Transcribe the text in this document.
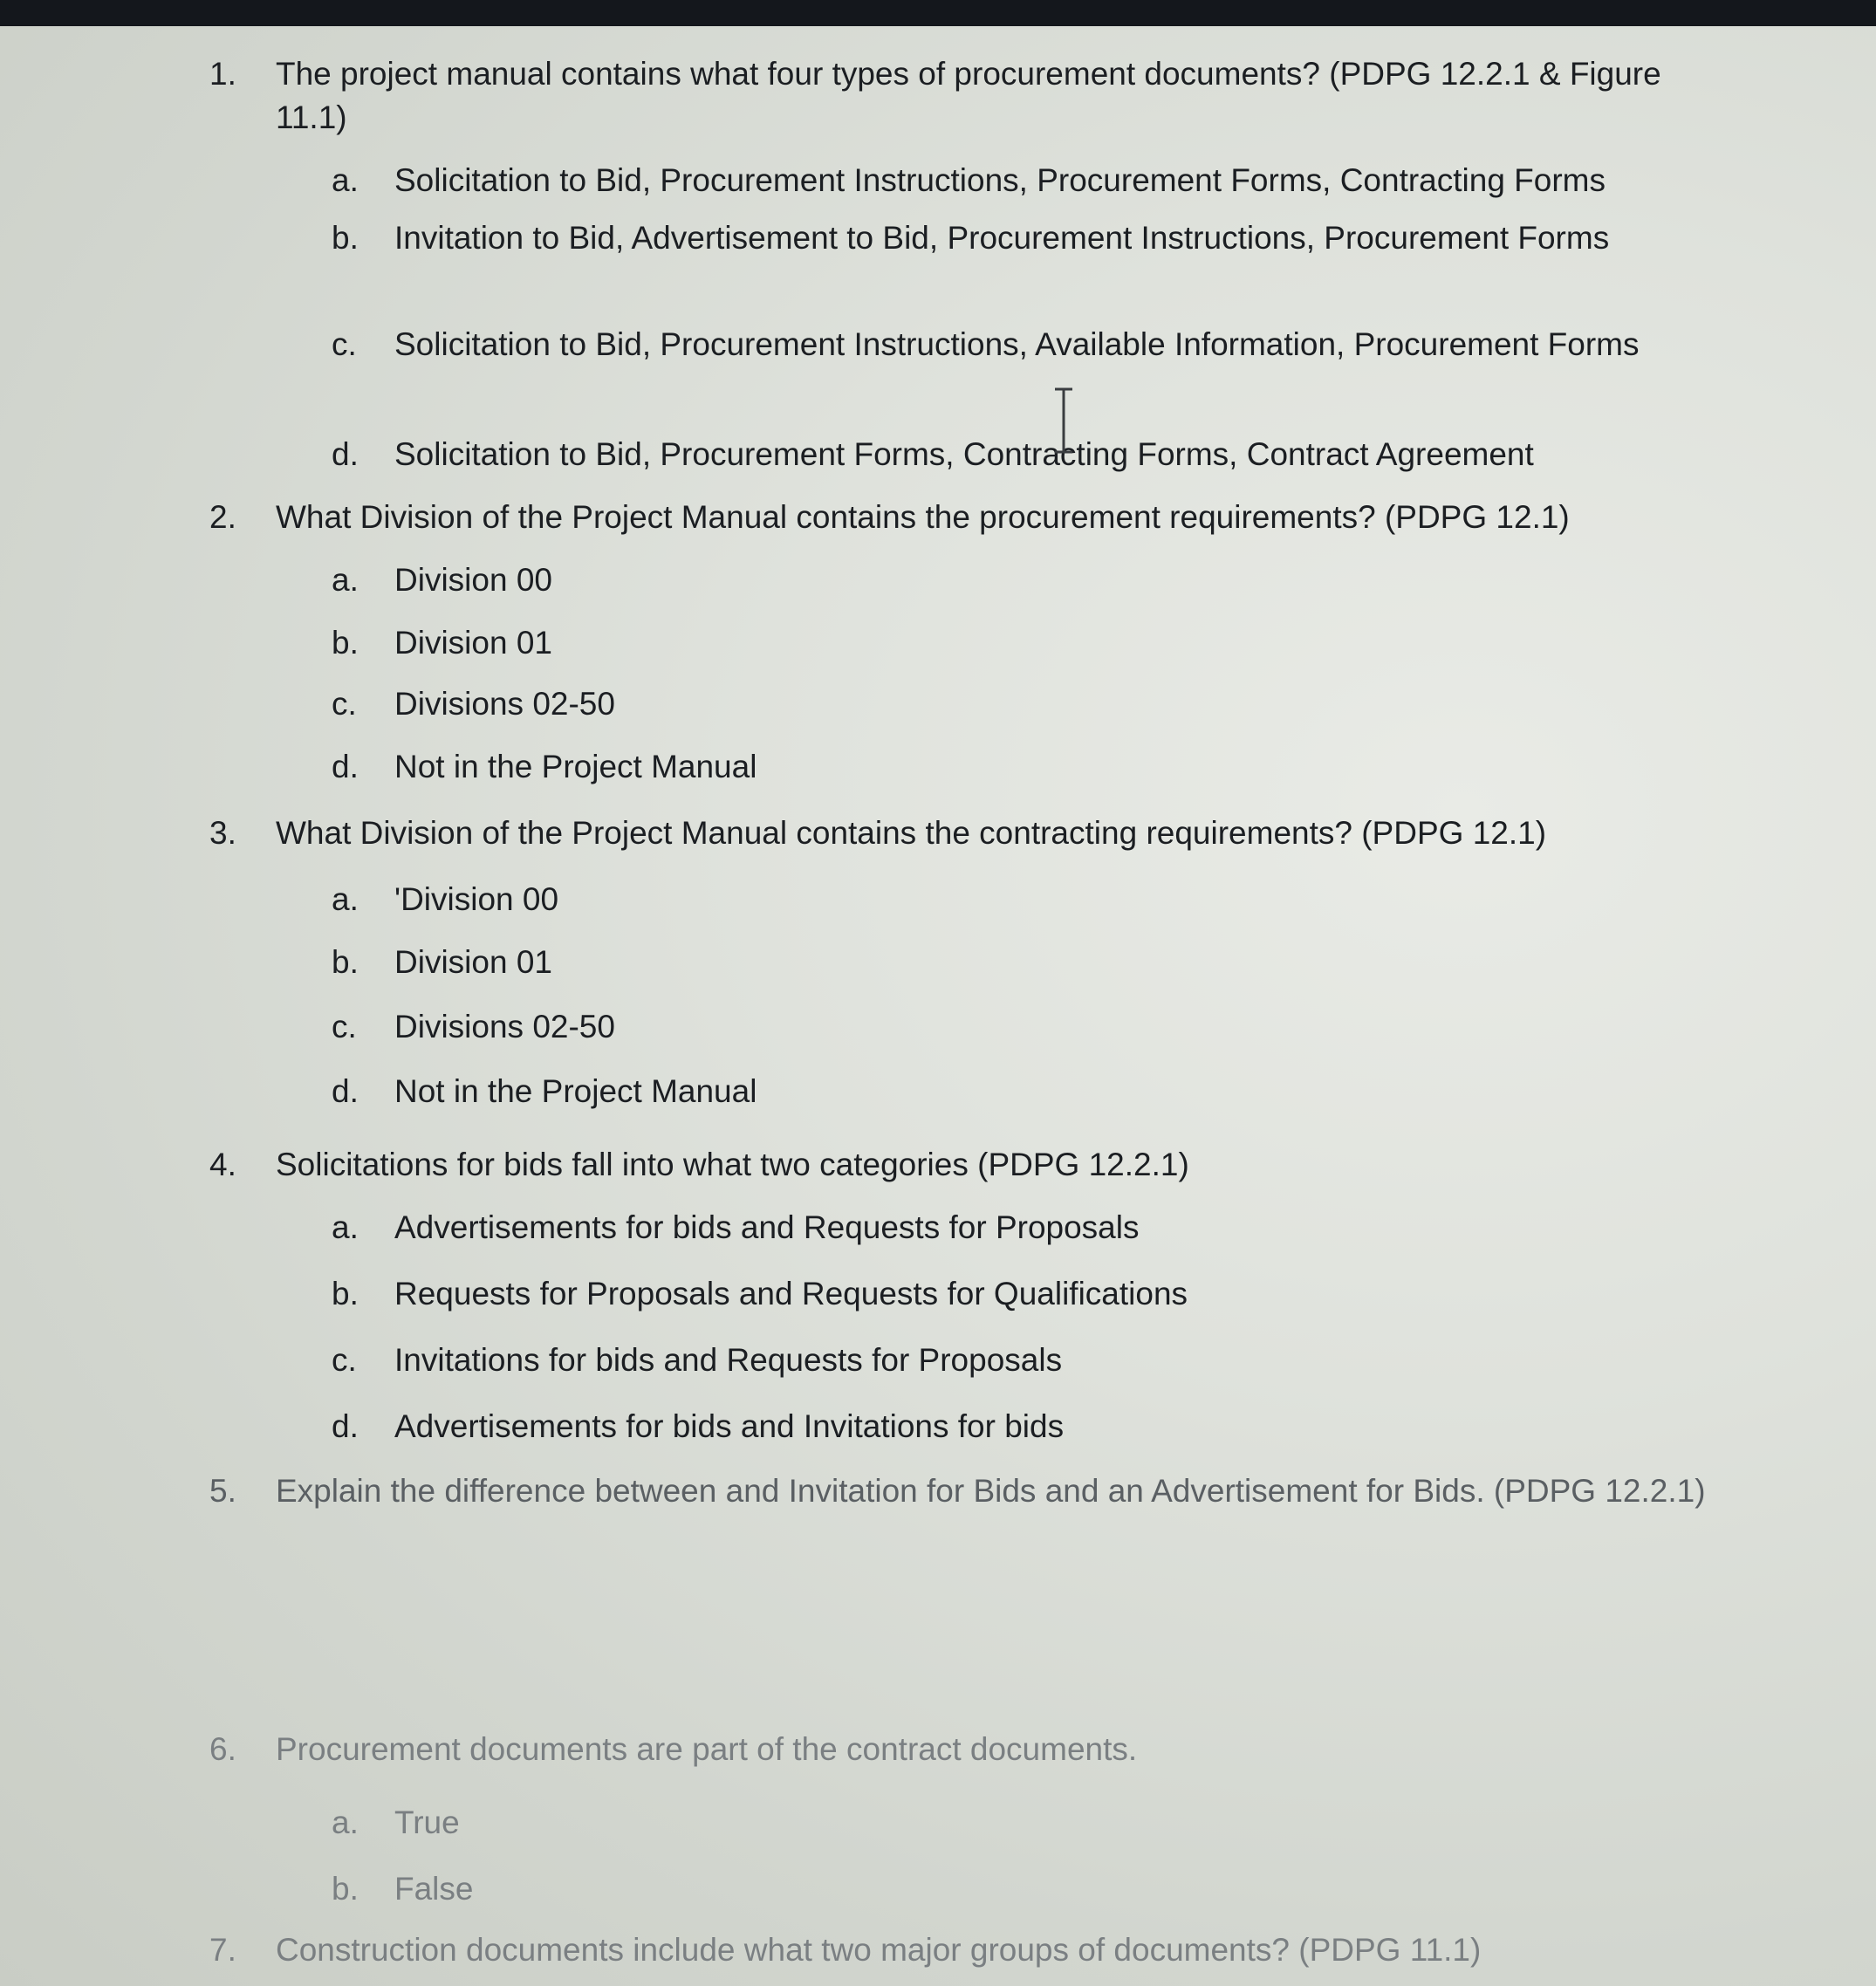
1.	The project manual contains what four types of procurement documents? (PDPG 12.2.1 & Figure 11.1)
a.	Solicitation to Bid, Procurement Instructions, Procurement Forms, Contracting Forms
b.	Invitation to Bid, Advertisement to Bid, Procurement Instructions, Procurement Forms
c.	Solicitation to Bid, Procurement Instructions, Available Information, Procurement Forms
d.	Solicitation to Bid, Procurement Forms, Contracting Forms, Contract Agreement
2.	What Division of the Project Manual contains the procurement requirements? (PDPG 12.1)
a.	Division 00
b.	Division 01
c.	Divisions 02-50
d.	Not in the Project Manual
3.	What Division of the Project Manual contains the contracting requirements? (PDPG 12.1)
a.	'Division 00
b.	Division 01
c.	Divisions 02-50
d.	Not in the Project Manual
4.	Solicitations for bids fall into what two categories (PDPG 12.2.1)
a.	Advertisements for bids and Requests for Proposals
b.	Requests for Proposals and Requests for Qualifications
c.	Invitations for bids and Requests for Proposals
d.	Advertisements for bids and Invitations for bids
5.	Explain the difference between and Invitation for Bids and an Advertisement for Bids. (PDPG 12.2.1)
6.	Procurement documents are part of the contract documents.
a.	True
b.	False
7.	Construction documents include what two major groups of documents? (PDPG 11.1)
